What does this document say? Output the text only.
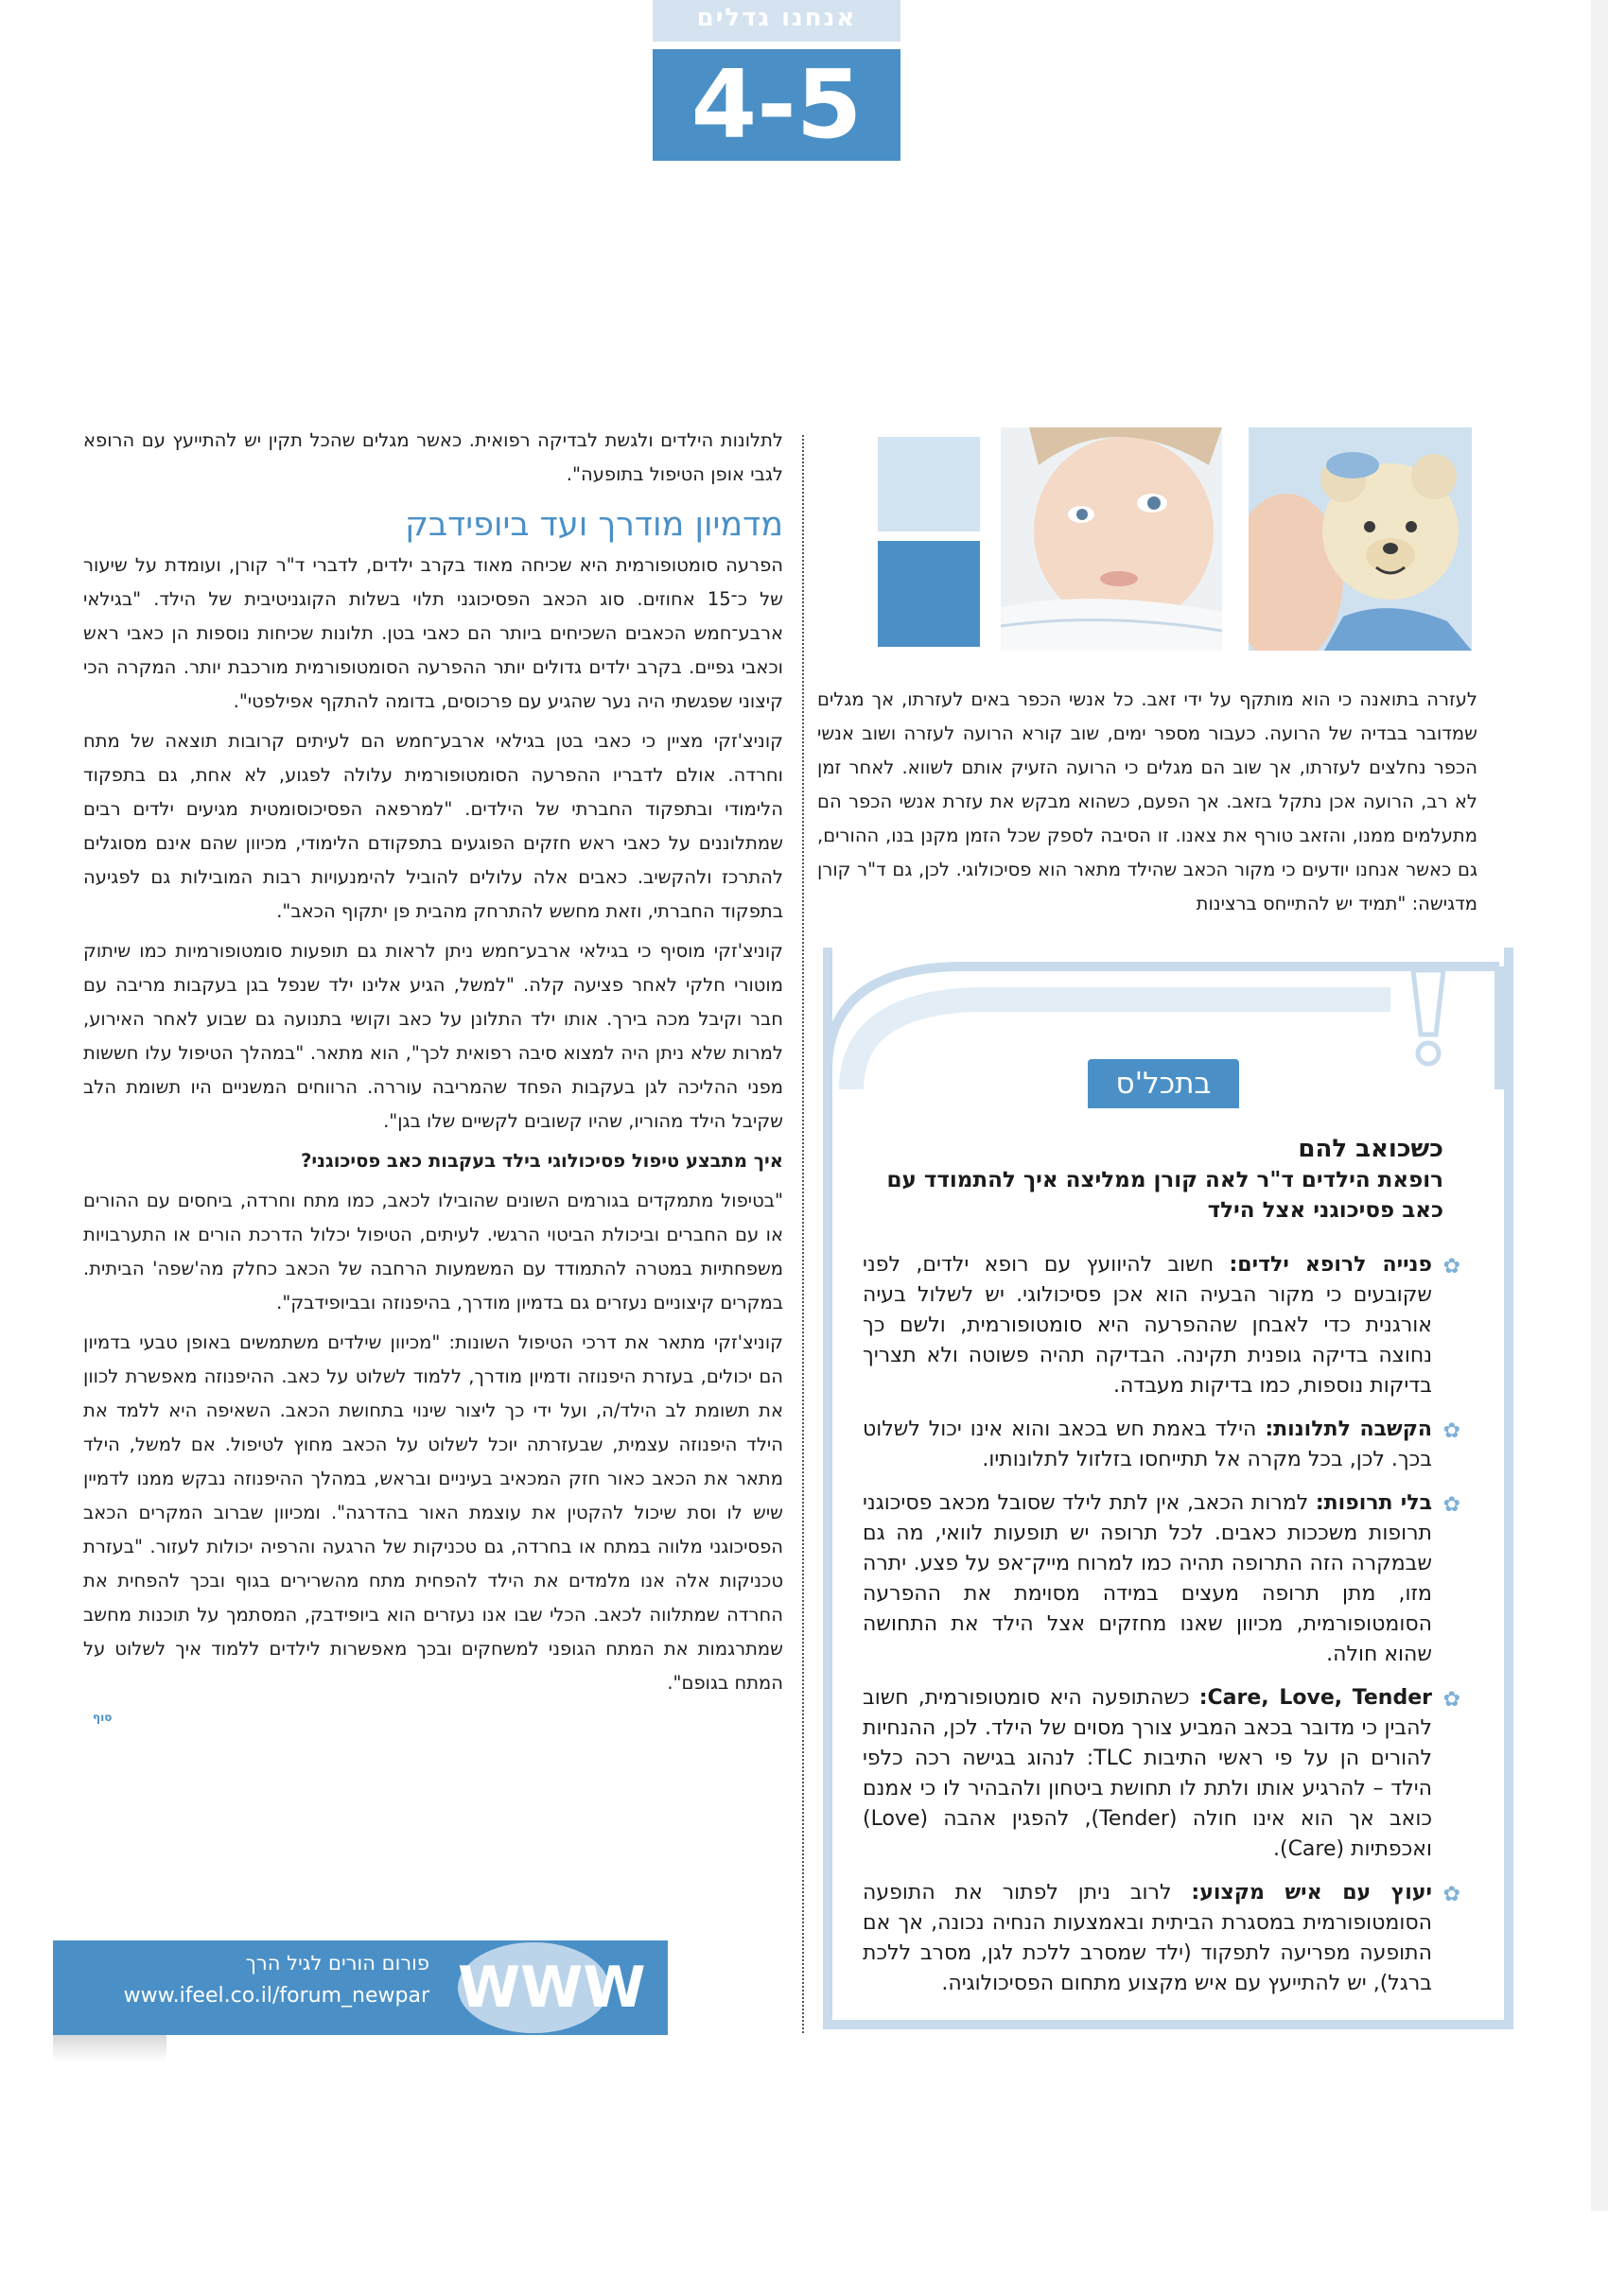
אנחנו גדלים
4-5

לתלונות הילדים ולגשת לבדיקה רפואית. כאשר מגלים שהכל תקין יש להתייעץ עם הרופא לגבי אופן הטיפול בתופעה".

מדמיון מודרך ועד ביופידבק

הפרעה סומטופורמית היא שכיחה מאוד בקרב ילדים, לדברי ד"ר קורן, ועומדת על שיעור של כ־15 אחוזים. סוג הכאב הפסיכוגני תלוי בשלות הקוגניטיבית של הילד. "בגילאי ארבע־חמש הכאבים השכיחים ביותר הם כאבי בטן. תלונות שכיחות נוספות הן כאבי ראש וכאבי גפיים. בקרב ילדים גדולים יותר ההפרעה הסומטופורמית מורכבת יותר. המקרה הכי קיצוני שפגשתי היה נער שהגיע עם פרכוסים, בדומה להתקף אפילפטי".

קוניצ'זקי מציין כי כאבי בטן בגילאי ארבע־חמש הם לעיתים קרובות תוצאה של מתח וחרדה. אולם לדבריו ההפרעה הסומטופורמית עלולה לפגוע, לא אחת, גם בתפקוד הלימודי ובתפקוד החברתי של הילדים. "למרפאה הפסיכוסומטית מגיעים ילדים רבים שמתלוננים על כאבי ראש חזקים הפוגעים בתפקודם הלימודי, מכיוון שהם אינם מסוגלים להתרכז ולהקשיב. כאבים אלה עלולים להוביל להימנעויות רבות המובילות גם לפגיעה בתפקוד החברתי, וזאת מחשש להתרחק מהבית פן יתקוף הכאב".

קוניצ'זקי מוסיף כי בגילאי ארבע־חמש ניתן לראות גם תופעות סומטופורמיות כמו שיתוק מוטורי חלקי לאחר פציעה קלה. "למשל, הגיע אלינו ילד שנפל בגן בעקבות מריבה עם חבר וקיבל מכה בירך. אותו ילד התלונן על כאב וקושי בתנועה גם שבוע לאחר האירוע, למרות שלא ניתן היה למצוא סיבה רפואית לכך", הוא מתאר. "במהלך הטיפול עלו חששות מפני ההליכה לגן בעקבות הפחד שהמריבה עוררה. הרווחים המשניים היו תשומת הלב שקיבל הילד מהוריו, שהיו קשובים לקשיים שלו בגן".

איך מתבצע טיפול פסיכולוגי בילד בעקבות כאב פסיכוגני?

"בטיפול מתמקדים בגורמים השונים שהובילו לכאב, כמו מתח וחרדה, ביחסים עם ההורים או עם החברים וביכולת הביטוי הרגשי. לעיתים, הטיפול יכלול הדרכת הורים או התערבויות משפחתיות במטרה להתמודד עם המשמעות הרחבה של הכאב כחלק מה'שפה' הביתית. במקרים קיצוניים נעזרים גם בדמיון מודרך, בהיפנוזה ובביופידבק".

קוניצ'זקי מתאר את דרכי הטיפול השונות: "מכיוון שילדים משתמשים באופן טבעי בדמיון הם יכולים, בעזרת היפנוזה ודמיון מודרך, ללמוד לשלוט על כאב. ההיפנוזה מאפשרת לכוון את תשומת לב הילד/ה, ועל ידי כך ליצור שינוי בתחושת הכאב. השאיפה היא ללמד את הילד היפנוזה עצמית, שבעזרתה יוכל לשלוט על הכאב מחוץ לטיפול. אם למשל, הילד מתאר את הכאב כאור חזק המכאיב בעיניים ובראש, במהלך ההיפנוזה נבקש ממנו לדמיין שיש לו וסת שיכול להקטין את עוצמת האור בהדרגה". ומכיוון שברוב המקרים הכאב הפסיכוגני מלווה במתח או בחרדה, גם טכניקות של הרגעה והרפיה יכולות לעזור. "בעזרת טכניקות אלה אנו מלמדים את הילד להפחית מתח מהשרירים בגוף ובכך להפחית את החרדה שמתלווה לכאב. הכלי שבו אנו נעזרים הוא ביופידבק, המסתמך על תוכנות מחשב שמתרגמות את המתח הגופני למשחקים ובכך מאפשרות לילדים ללמוד איך לשלוט על המתח בגופם".

סוף
לעזרה בתואנה כי הוא מותקף על ידי זאב. כל אנשי הכפר באים לעזרתו, אך מגלים שמדובר בבדיה של הרועה. כעבור מספר ימים, שוב קורא הרועה לעזרה ושוב אנשי הכפר נחלצים לעזרתו, אך שוב הם מגלים כי הרועה הזעיק אותם לשווא. לאחר זמן לא רב, הרועה אכן נתקל בזאב. אך הפעם, כשהוא מבקש את עזרת אנשי הכפר הם מתעלמים ממנו, והזאב טורף את צאנו. זו הסיבה לספק שכל הזמן מקנן בנו, ההורים, גם כאשר אנחנו יודעים כי מקור הכאב שהילד מתאר הוא פסיכולוגי. לכן, גם ד"ר קורן מדגישה: "תמיד יש להתייחס ברצינות
בתכל'ס
כשכואב להם
רופאת הילדים ד"ר לאה קורן ממליצה איך להתמודד עם כאב פסיכוגני אצל הילד
✿
פנייה לרופא ילדים: חשוב להיוועץ עם רופא ילדים, לפני שקובעים כי מקור הבעיה הוא אכן פסיכולוגי. יש לשלול בעיה אורגנית כדי לאבחן שההפרעה היא סומטופורמית, ולשם כך נחוצה בדיקה גופנית תקינה. הבדיקה תהיה פשוטה ולא תצריך בדיקות נוספות, כמו בדיקות מעבדה.
✿
הקשבה לתלונות: הילד באמת חש בכאב והוא אינו יכול לשלוט בכך. לכן, בכל מקרה אל תתייחסו בזלזול לתלונותיו.
✿
בלי תרופות: למרות הכאב, אין לתת לילד שסובל מכאב פסיכוגני תרופות משככות כאבים. לכל תרופה יש תופעות לוואי, מה גם שבמקרה הזה התרופה תהיה כמו למרוח מייק־אפ על פצע. יתרה מזו, מתן תרופה מעצים במידה מסוימת את ההפרעה הסומטופורמית, מכיוון שאנו מחזקים אצל הילד את התחושה שהוא חולה.
✿
Care, Love, Tender: כשהתופעה היא סומטופורמית, חשוב להבין כי מדובר בכאב המביע צורך מסוים של הילד. לכן, ההנחיות להורים הן על פי ראשי התיבות TLC: לנהוג בגישה רכה כלפי הילד – להרגיע אותו ולתת לו תחושת ביטחון ולהבהיר לו כי אמנם כואב אך הוא אינו חולה (Tender), להפגין אהבה (Love) ואכפתיות (Care).
✿
יעוץ עם איש מקצוע: לרוב ניתן לפתור את התופעה הסומטופורמית במסגרת הביתית ובאמצעות הנחיה נכונה, אך אם התופעה מפריעה לתפקוד (ילד שמסרב ללכת לגן, מסרב ללכת ברגל), יש להתייעץ עם איש מקצוע מתחום הפסיכולוגיה.
WWW
פורום הורים לגיל הרך
www.ifeel.co.il/forum_newpar
